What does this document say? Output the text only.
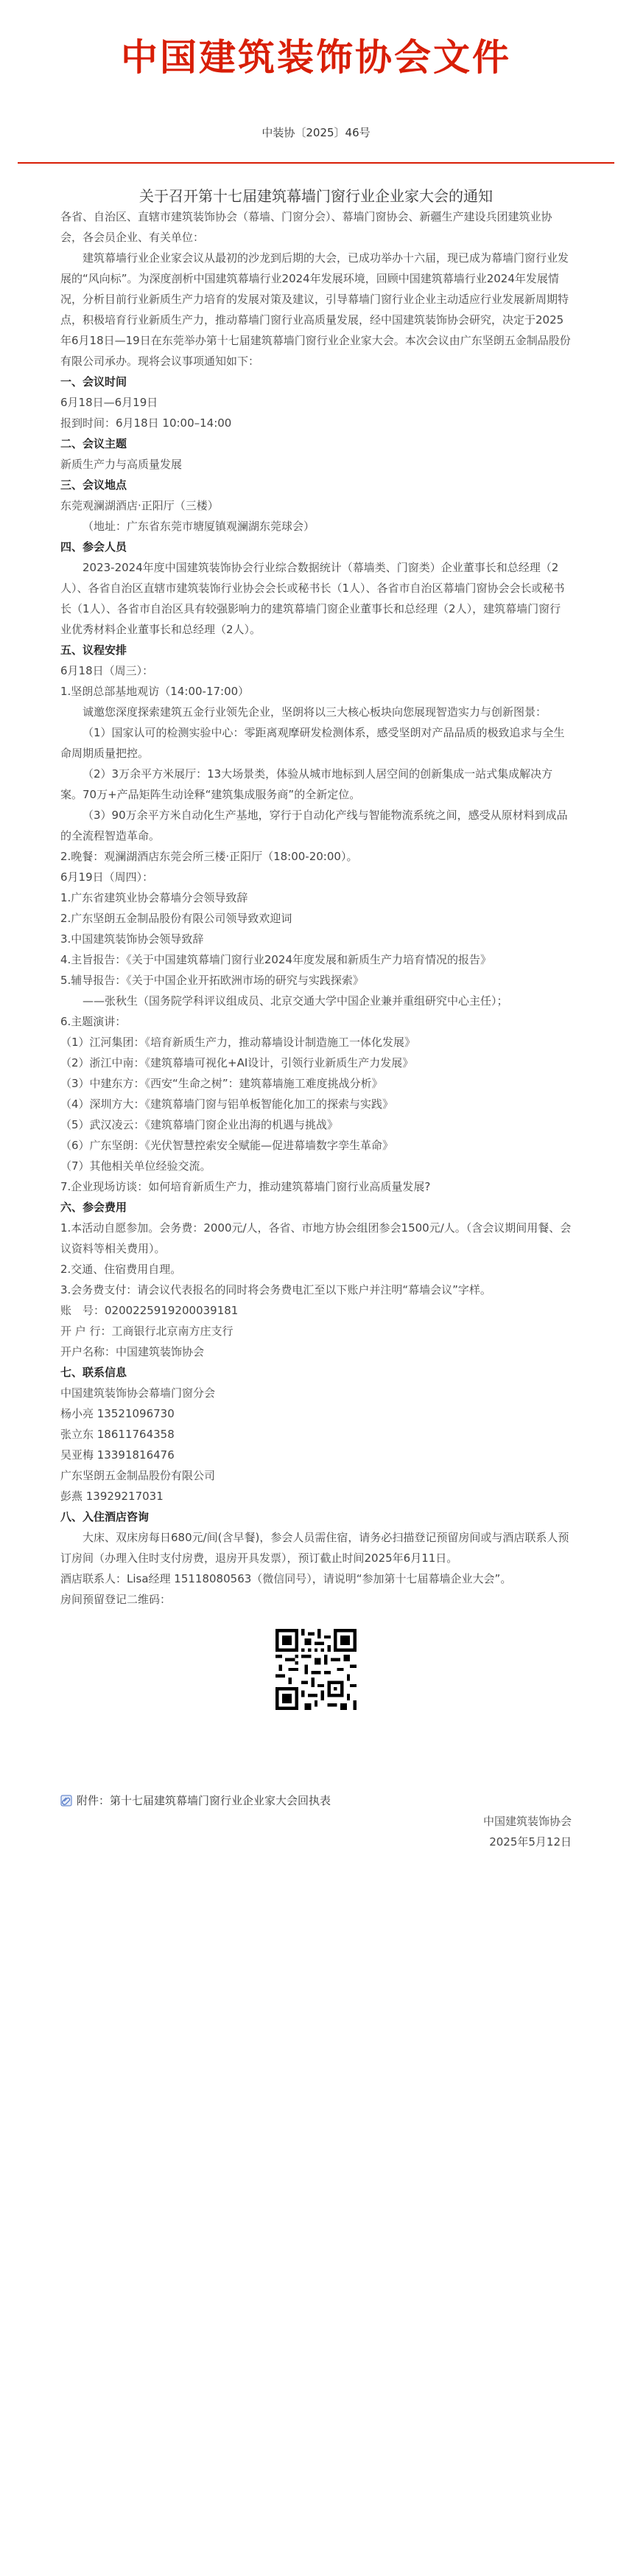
中国建筑装饰协会文件
中装协〔2025〕46号
关于召开第十七届建筑幕墙门窗行业企业家大会的通知

各省、自治区、直辖市建筑装饰协会（幕墙、门窗分会）、幕墙门窗协会、新疆生产建设兵团建筑业协会，各会员企业、有关单位：

建筑幕墙行业企业家会议从最初的沙龙到后期的大会，已成功举办十六届，现已成为幕墙门窗行业发展的“风向标”。为深度剖析中国建筑幕墙行业2024年发展环境，回顾中国建筑幕墙行业2024年发展情况，分析目前行业新质生产力培育的发展对策及建议，引导幕墙门窗行业企业主动适应行业发展新周期特点，积极培育行业新质生产力，推动幕墙门窗行业高质量发展，经中国建筑装饰协会研究，决定于2025年6月18日—19日在东莞举办第十七届建筑幕墙门窗行业企业家大会。本次会议由广东坚朗五金制品股份有限公司承办。现将会议事项通知如下：

一、会议时间

6月18日—6月19日

报到时间：6月18日 10:00–14:00

二、会议主题

新质生产力与高质量发展

三、会议地点

东莞观澜湖酒店·正阳厅（三楼）

（地址：广东省东莞市塘厦镇观澜湖东莞球会）

四、参会人员

2023-2024年度中国建筑装饰协会行业综合数据统计（幕墙类、门窗类）企业董事长和总经理（2人）、各省自治区直辖市建筑装饰行业协会会长或秘书长（1人）、各省市自治区幕墙门窗协会会长或秘书长（1人）、各省市自治区具有较强影响力的建筑幕墙门窗企业董事长和总经理（2人），建筑幕墙门窗行业优秀材料企业董事长和总经理（2人）。

五、议程安排

6月18日（周三）：

1.坚朗总部基地观访（14:00-17:00）

诚邀您深度探索建筑五金行业领先企业，坚朗将以三大核心板块向您展现智造实力与创新图景：

（1）国家认可的检测实验中心：零距离观摩研发检测体系，感受坚朗对产品品质的极致追求与全生命周期质量把控。

（2）3万余平方米展厅：13大场景类，体验从城市地标到人居空间的创新集成一站式集成解决方案。70万+产品矩阵生动诠释“建筑集成服务商”的全新定位。

（3）90万余平方米自动化生产基地，穿行于自动化产线与智能物流系统之间，感受从原材料到成品的全流程智造革命。

2.晚餐：观澜湖酒店东莞会所三楼·正阳厅（18:00-20:00）。

6月19日（周四）：

1.广东省建筑业协会幕墙分会领导致辞

2.广东坚朗五金制品股份有限公司领导致欢迎词

3.中国建筑装饰协会领导致辞

4.主旨报告：《关于中国建筑幕墙门窗行业2024年度发展和新质生产力培育情况的报告》

5.辅导报告：《关于中国企业开拓欧洲市场的研究与实践探索》

——张秋生（国务院学科评议组成员、北京交通大学中国企业兼并重组研究中心主任）；

6.主题演讲：

（1）江河集团：《培育新质生产力，推动幕墙设计制造施工一体化发展》

（2）浙江中南：《建筑幕墙可视化+AI设计，引领行业新质生产力发展》

（3）中建东方：《西安“生命之树”：建筑幕墙施工难度挑战分析》

（4）深圳方大：《建筑幕墙门窗与铝单板智能化加工的探索与实践》

（5）武汉凌云：《建筑幕墙门窗企业出海的机遇与挑战》

（6）广东坚朗：《光伏智慧控索安全赋能—促进幕墙数字孪生革命》

（7）其他相关单位经验交流。

7.企业现场访谈：如何培育新质生产力，推动建筑幕墙门窗行业高质量发展?

六、参会费用

1.本活动自愿参加。会务费：2000元/人，各省、市地方协会组团参会1500元/人。（含会议期间用餐、会议资料等相关费用）。

2.交通、住宿费用自理。

3.会务费支付：请会议代表报名的同时将会务费电汇至以下账户并注明“幕墙会议”字样。

账　号：0200225919200039181

开 户 行：工商银行北京南方庄支行

开户名称：中国建筑装饰协会

七、联系信息

中国建筑装饰协会幕墙门窗分会

杨小亮 13521096730

张立东 18611764358

吴亚梅 13391816476

广东坚朗五金制品股份有限公司

彭燕 13929217031

八、入住酒店咨询

大床、双床房每日680元/间(含早餐)，参会人员需住宿，请务必扫描登记预留房间或与酒店联系人预订房间（办理入住时支付房费，退房开具发票），预订截止时间2025年6月11日。

酒店联系人：Lisa经理 15118080563（微信同号），请说明“参加第十七届幕墙企业大会”。

房间预留登记二维码：

附件：第十七届建筑幕墙门窗行业企业家大会回执表

中国建筑装饰协会

2025年5月12日
